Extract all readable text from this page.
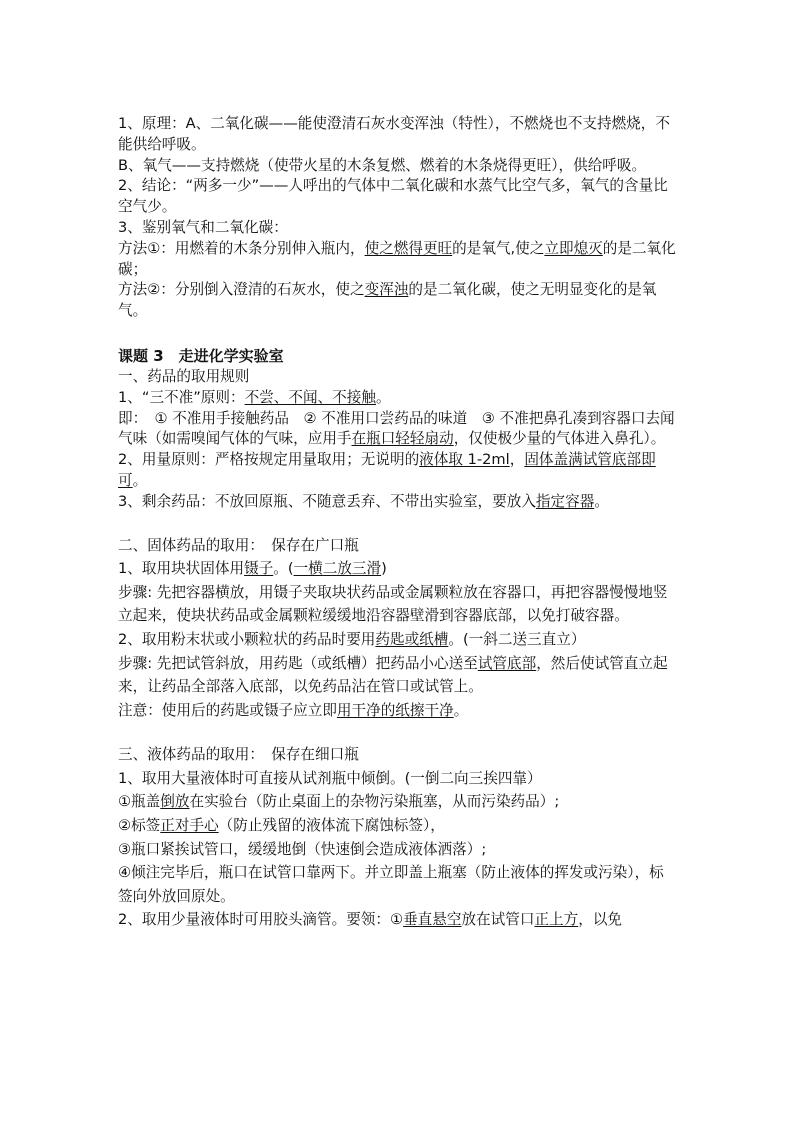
1、原理：A、二氧化碳——能使澄清石灰水变浑浊（特性），不燃烧也不支持燃烧，不能供给呼吸。

B、氧气——支持燃烧（使带火星的木条复燃、燃着的木条烧得更旺），供给呼吸。

2、结论：“两多一少”——人呼出的气体中二氧化碳和水蒸气比空气多，氧气的含量比空气少。

3、鉴别氧气和二氧化碳：

方法①：用燃着的木条分别伸入瓶内，使之燃得更旺的是氧气,使之立即熄灭的是二氧化碳；

方法②：分别倒入澄清的石灰水，使之变浑浊的是二氧化碳，使之无明显变化的是氧气。

课题 3　走进化学实验室

一、药品的取用规则

1、“三不准”原则：不尝、不闻、不接触。

即：　① 不准用手接触药品　② 不准用口尝药品的味道　③ 不准把鼻孔凑到容器口去闻气味（如需嗅闻气体的气味，应用手在瓶口轻轻扇动，仅使极少量的气体进入鼻孔）。

2、用量原则：严格按规定用量取用；无说明的液体取 1-2ml，固体盖满试管底部即可。

3、剩余药品：不放回原瓶、不随意丢弃、不带出实验室，要放入指定容器。

二、固体药品的取用：　保存在广口瓶

1、取用块状固体用镊子。(一横二放三滑)

步骤: 先把容器横放，用镊子夹取块状药品或金属颗粒放在容器口，再把容器慢慢地竖立起来，使块状药品或金属颗粒缓缓地沿容器壁滑到容器底部，以免打破容器。

2、取用粉末状或小颗粒状的药品时要用药匙或纸槽。(一斜二送三直立）

步骤: 先把试管斜放，用药匙（或纸槽）把药品小心送至试管底部，然后使试管直立起来，让药品全部落入底部，以免药品沾在管口或试管上。

注意：使用后的药匙或镊子应立即用干净的纸擦干净。

三、液体药品的取用：　保存在细口瓶

1、取用大量液体时可直接从试剂瓶中倾倒。(一倒二向三挨四靠）

①瓶盖倒放在实验台（防止桌面上的杂物污染瓶塞，从而污染药品）;

②标签正对手心（防止残留的液体流下腐蚀标签），

③瓶口紧挨试管口，缓缓地倒（快速倒会造成液体洒落）;

④倾注完毕后，瓶口在试管口靠两下。并立即盖上瓶塞（防止液体的挥发或污染），标签向外放回原处。

2、取用少量液体时可用胶头滴管。要领：①垂直悬空放在试管口正上方，以免
